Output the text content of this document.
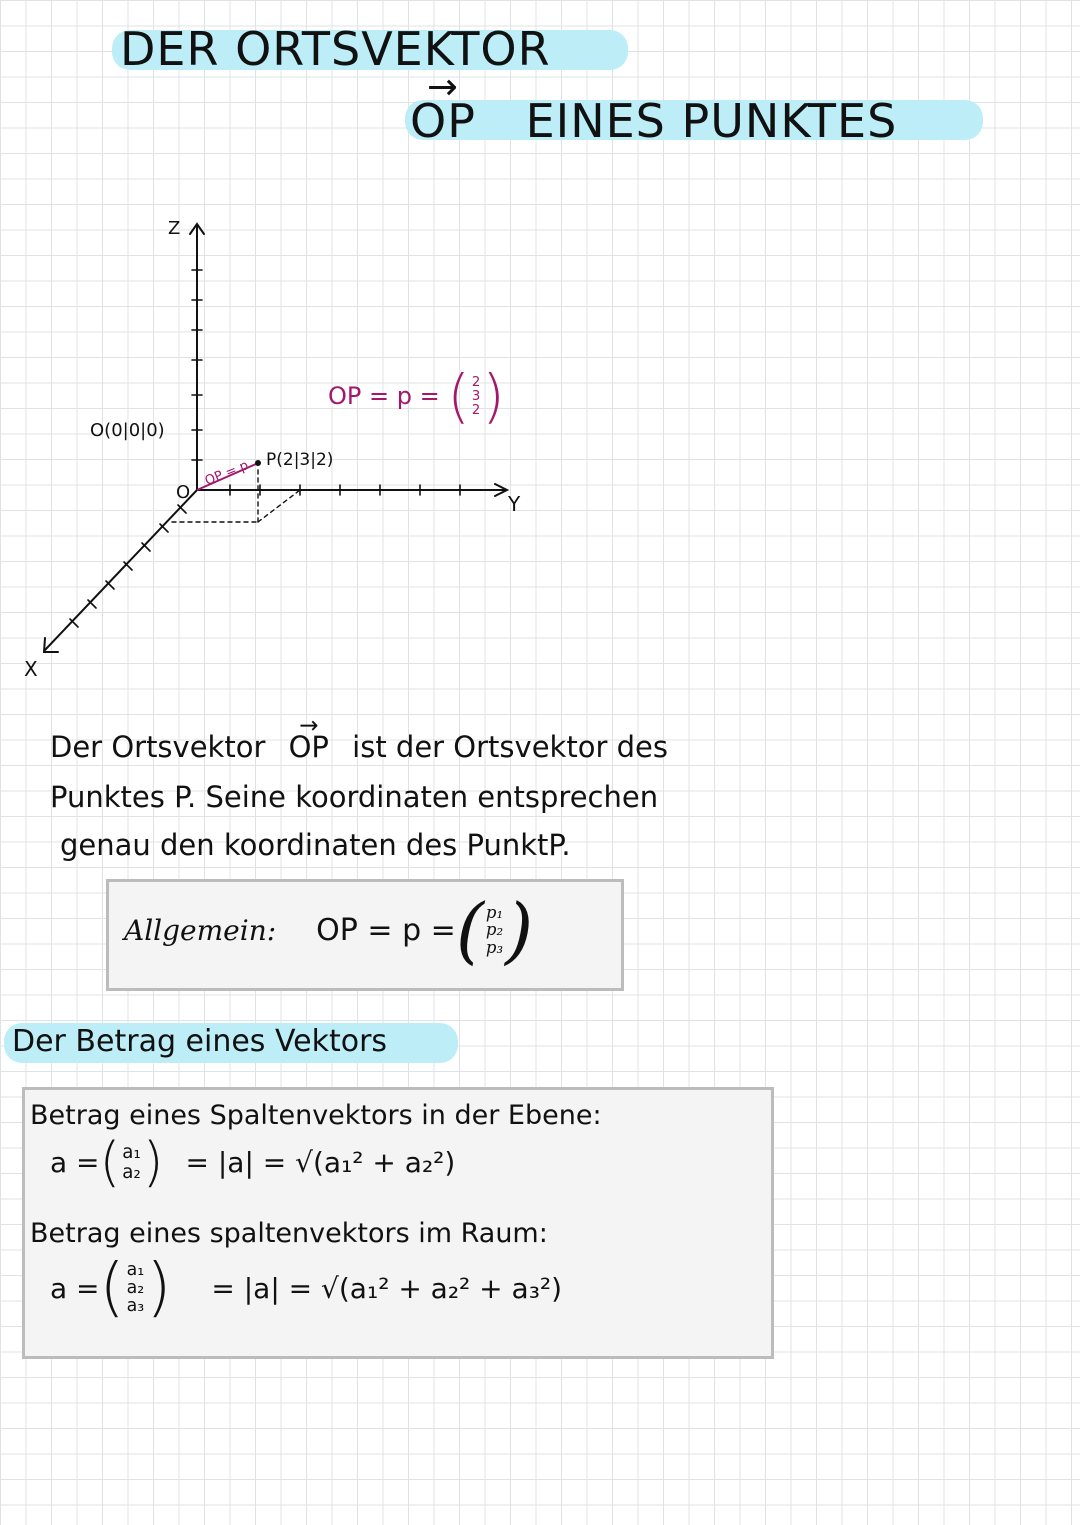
DER ORTSVEKTOR
→ OP EINES PUNKTES
Z
Y
X
O
O(0|0|0)
P(2|3|2)
OP = p
OP = p = ( 2
3
2 )
Der Ortsvektor → OP ist der Ortsvektor des
Punktes P. Seine koordinaten entsprechen
genau den koordinaten des PunktP.
Allgemein: OP = p = ( p₁
p₂
p₃ )
Der Betrag eines Vektors
Betrag eines Spaltenvektors in der Ebene:
a = ( a₁
a₂ ) = |a| = √(a₁² + a₂²)
Betrag eines spaltenvektors im Raum:
a = ( a₁
a₂
a₃ ) = |a| = √(a₁² + a₂² + a₃²)
